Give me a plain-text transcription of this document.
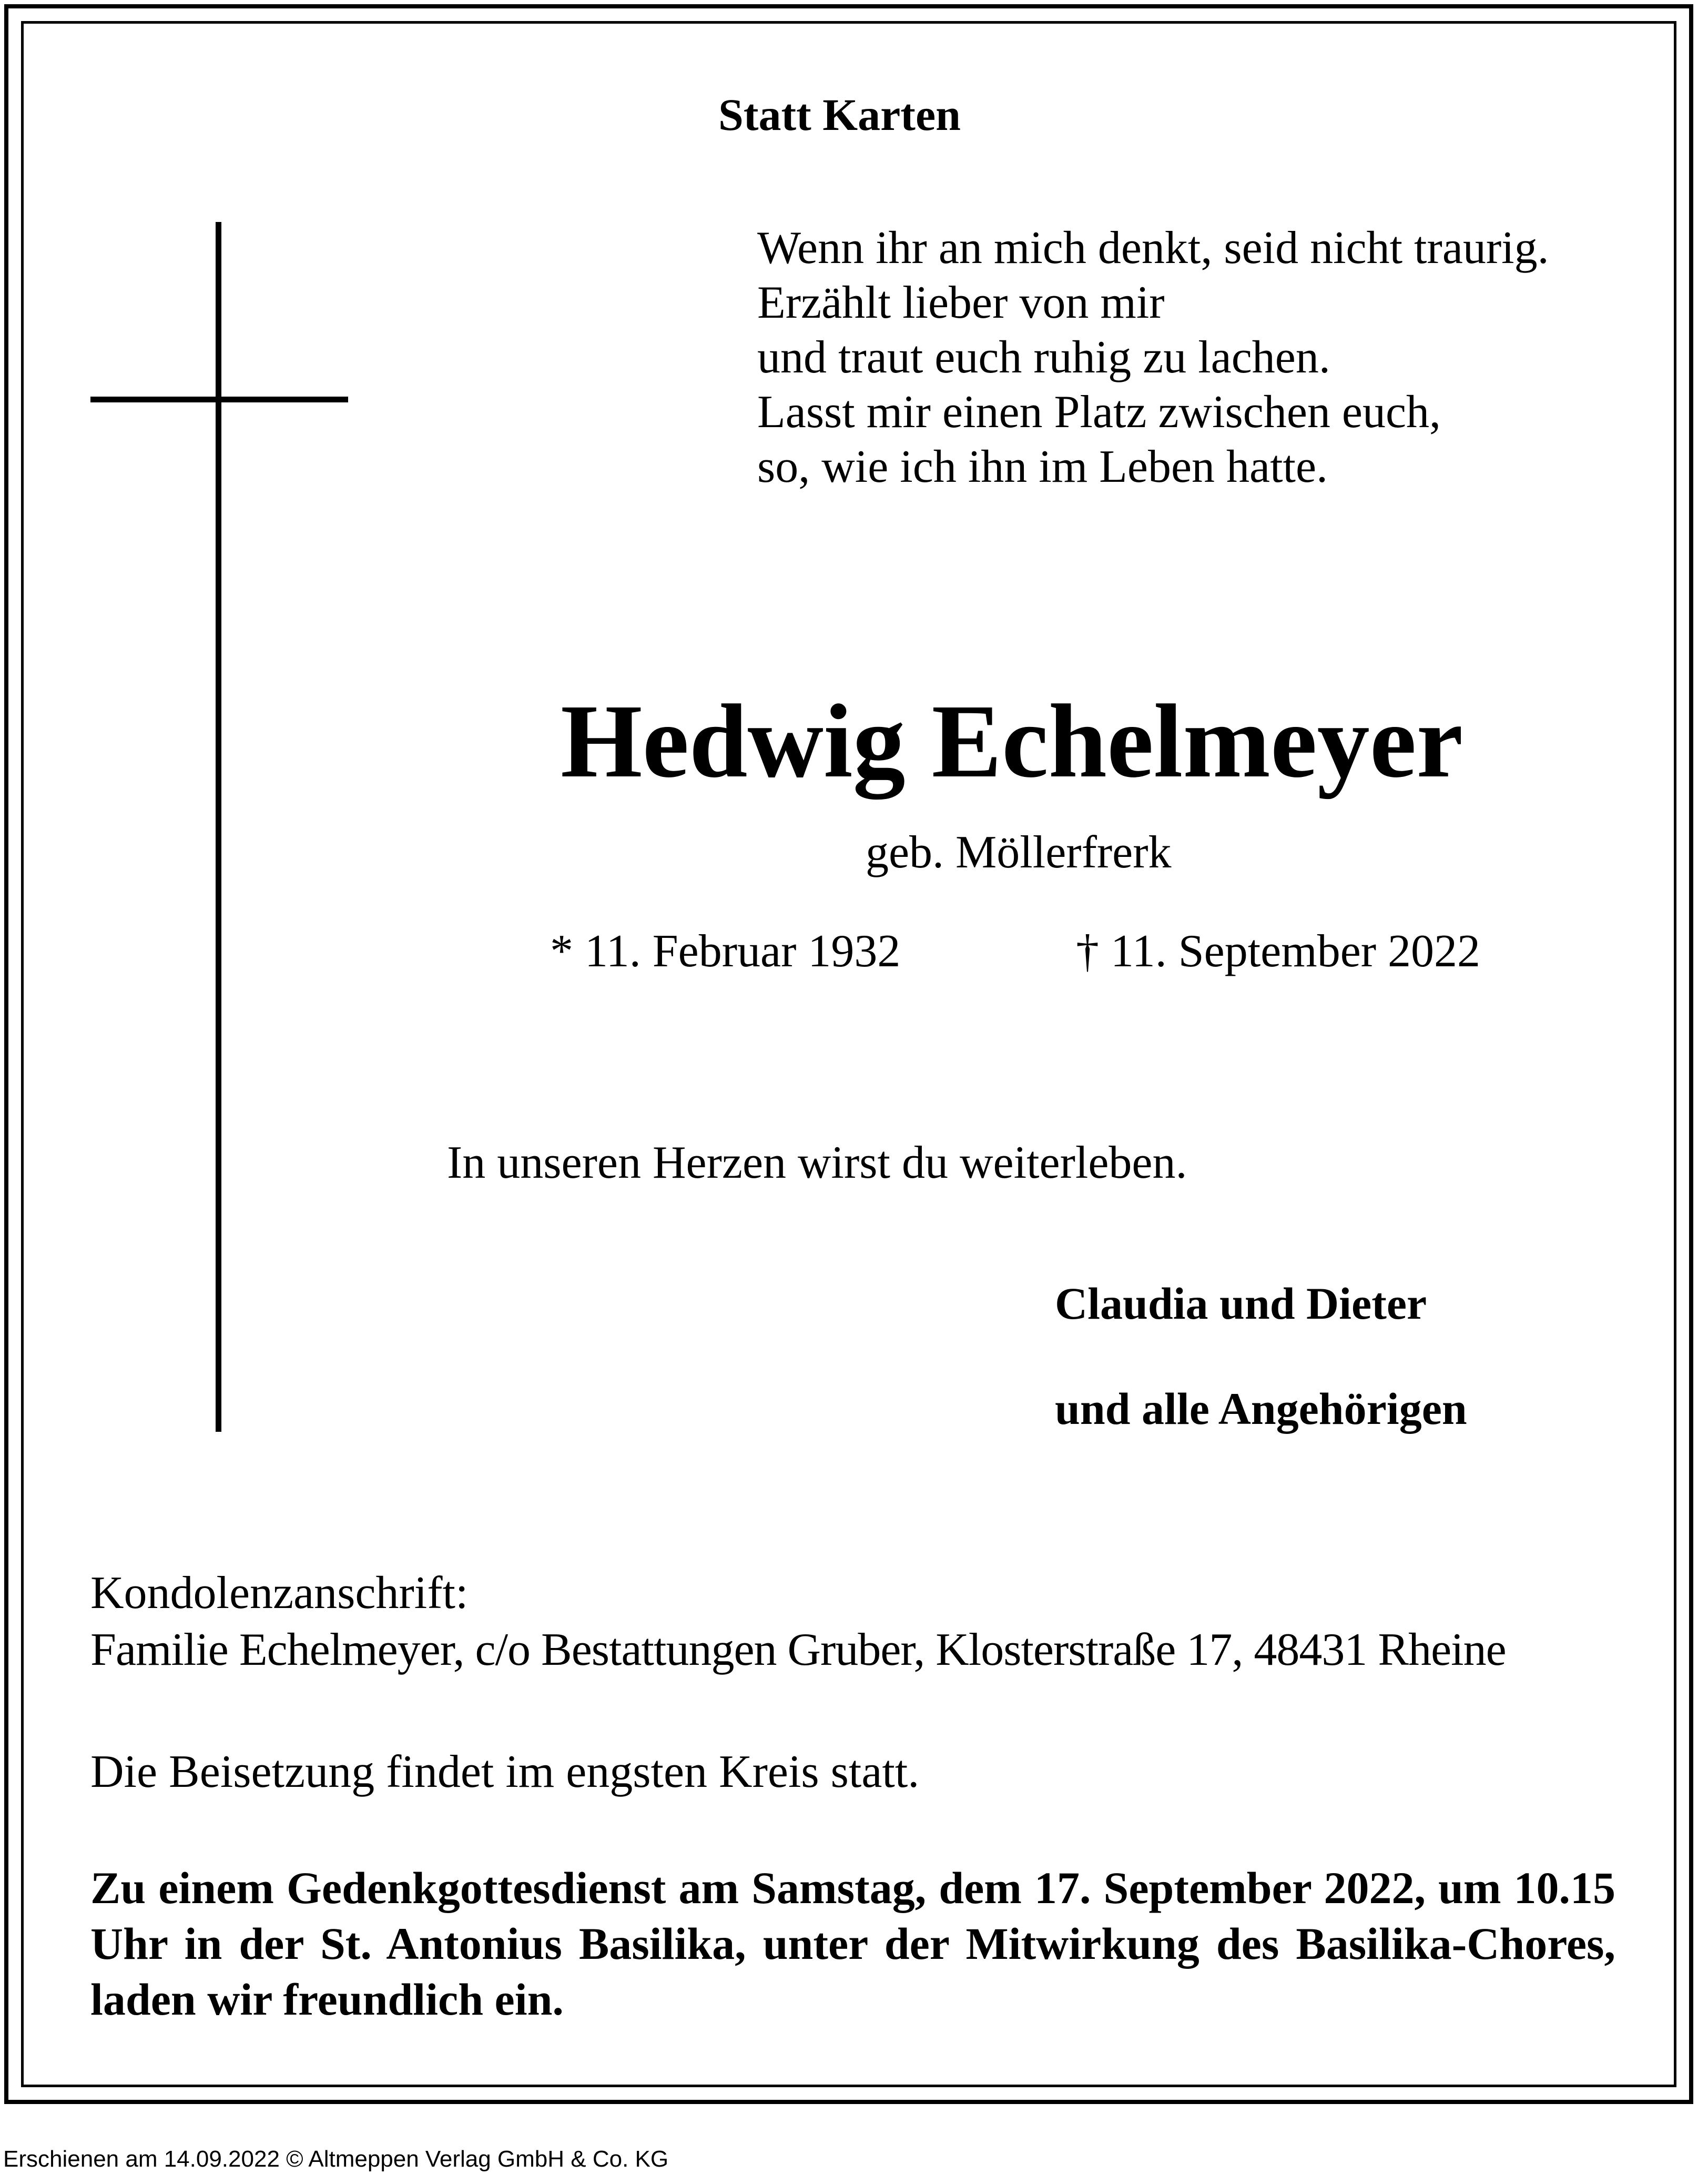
Statt Karten
Wenn ihr an mich denkt, seid nicht traurig.
Erzählt lieber von mir
und traut euch ruhig zu lachen.
Lasst mir einen Platz zwischen euch,
so, wie ich ihn im Leben hatte.
Hedwig Echelmeyer
geb. Möllerfrerk
* 11. Februar 1932	† 11. September 2022
In unseren Herzen wirst du weiterleben.
Claudia und Dieter
und alle Angehörigen
Kondolenzanschrift:
Familie Echelmeyer, c/o Bestattungen Gruber, Klosterstraße 17, 48431 Rheine
Die Beisetzung findet im engsten Kreis statt.
Zu einem Gedenkgottesdienst am Samstag, dem 17. September 2022, um 10.15 Uhr in der St. Antonius Basilika, unter der Mitwirkung des Basilika-Chores, laden wir freundlich ein.
Erschienen am 14.09.2022 © Altmeppen Verlag GmbH & Co. KG
